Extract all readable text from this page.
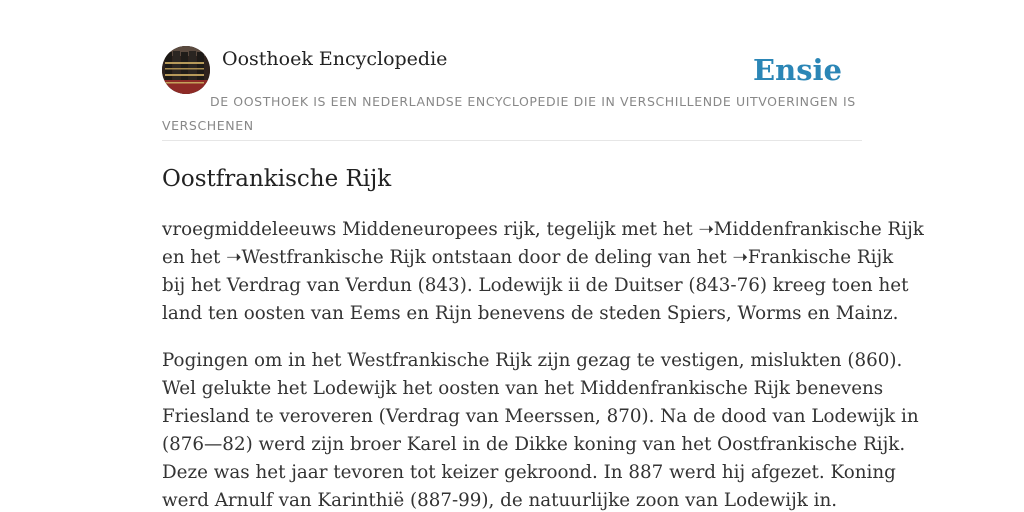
Oosthoek Encyclopedie	Ensie
DE OOSTHOEK IS EEN NEDERLANDSE ENCYCLOPEDIE DIE IN VERSCHILLENDE UITVOERINGEN IS VERSCHENEN
Oostfrankische Rijk

vroegmiddeleeuws Middeneuropees rijk, tegelijk met het ➝Middenfrankische Rijk
en het ➝Westfrankische Rijk ontstaan door de deling van het ➝Frankische Rijk
bij het Verdrag van Verdun (843). Lodewijk ii de Duitser (843-76) kreeg toen het
land ten oosten van Eems en Rijn benevens de steden Spiers, Worms en Mainz.

Pogingen om in het Westfrankische Rijk zijn gezag te vestigen, mislukten (860).
Wel gelukte het Lodewijk het oosten van het Middenfrankische Rijk benevens
Friesland te veroveren (Verdrag van Meerssen, 870). Na de dood van Lodewijk in
(876—82) werd zijn broer Karel in de Dikke koning van het Oostfrankische Rijk.
Deze was het jaar tevoren tot keizer gekroond. In 887 werd hij afgezet. Koning
werd Arnulf van Karinthië (887-99), de natuurlijke zoon van Lodewijk in.
